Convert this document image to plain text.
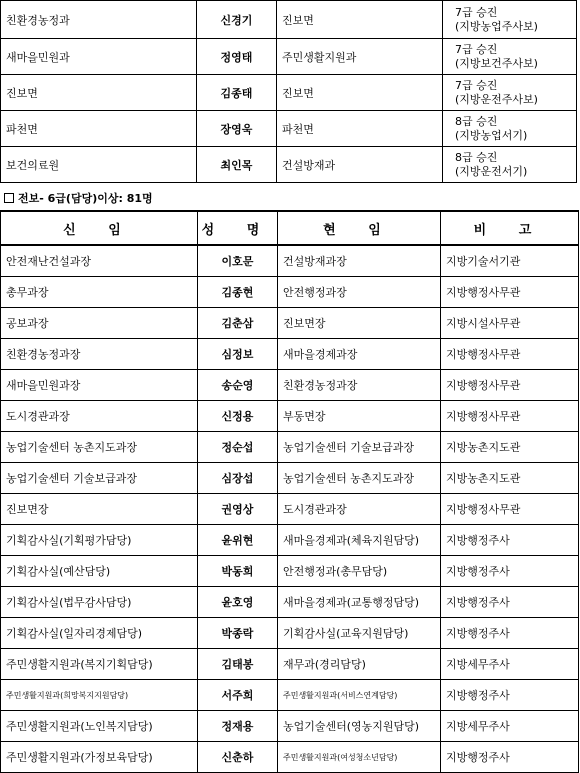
친환경농정과	신경기	진보면	7급 승진
(지방농업주사보)

새마을민원과	정영태	주민생활지원과	7급 승진
(지방보건주사보)

진보면	김종태	진보면	7급 승진
(지방운전주사보)

파천면	장영욱	파천면	8급 승진
(지방농업서기)

보건의료원	최인목	건설방재과	8급 승진
(지방운전서기)
전보- 6급(담당)이상: 81명
신 임	성 명	현 임	비 고
안전재난건설과장	이호문	건설방재과장	지방기술서기관
총무과장	김종현	안전행정과장	지방행정사무관
공보과장	김춘삼	진보면장	지방시설사무관
친환경농정과장	심정보	새마을경제과장	지방행정사무관
새마을민원과장	송순영	친환경농정과장	지방행정사무관
도시경관과장	신정용	부동면장	지방행정사무관
농업기술센터 농촌지도과장	정순섭	농업기술센터 기술보급과장	지방농촌지도관
농업기술센터 기술보급과장	심장섭	농업기술센터 농촌지도과장	지방농촌지도관
진보면장	권영상	도시경관과장	지방행정사무관
기획감사실(기획평가담당)	윤위현	새마을경제과(체육지원담당)	지방행정주사
기획감사실(예산담당)	박동희	안전행정과(총무담당)	지방행정주사
기획감사실(법무감사담당)	윤호영	새마을경제과(교통행정담당)	지방행정주사
기획감사실(일자리경제담당)	박종락	기획감사실(교육지원담당)	지방행정주사
주민생활지원과(복지기획담당)	김태봉	재무과(경리담당)	지방세무주사
주민생활지원과(희망복지지원담당)	서주희	주민생활지원과(서비스연계담당)	지방행정주사
주민생활지원과(노인복지담당)	정재용	농업기술센터(영농지원담당)	지방세무주사
주민생활지원과(가정보육담당)	신춘하	주민생활지원과(여성청소년담당)	지방행정주사
